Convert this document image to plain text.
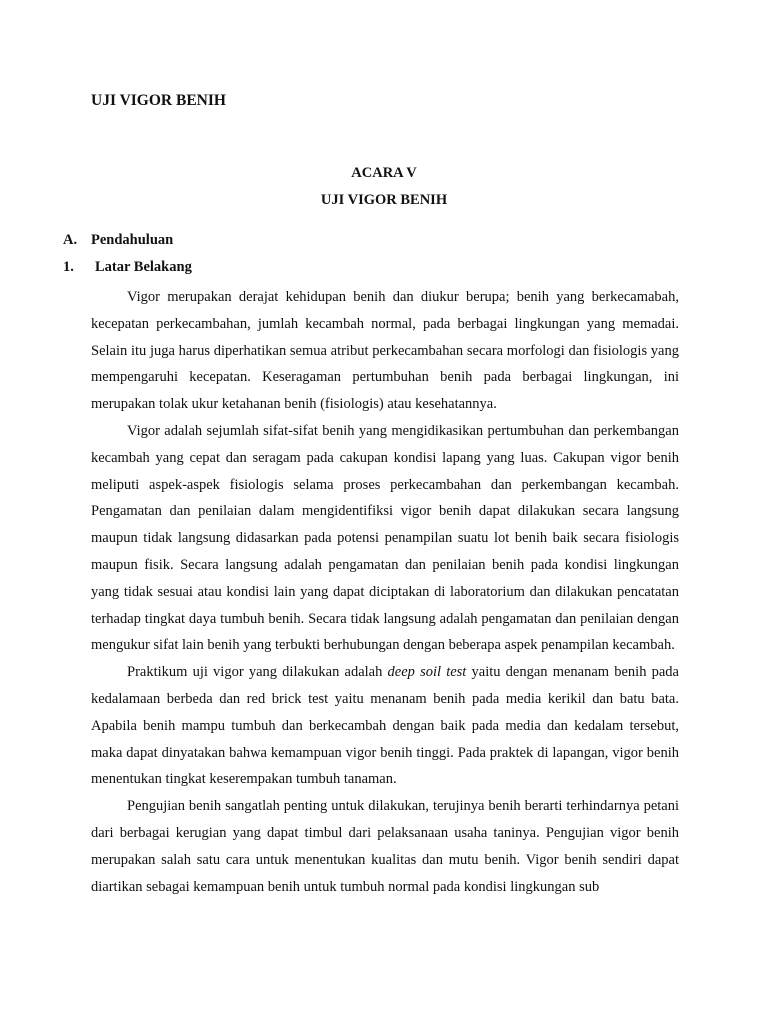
UJI VIGOR BENIH
ACARA V
UJI VIGOR BENIH
A. Pendahuluan
1. Latar Belakang

Vigor merupakan derajat kehidupan benih dan diukur berupa; benih yang berkecamabah, kecepatan perkecambahan, jumlah kecambah normal, pada berbagai lingkungan yang memadai. Selain itu juga harus diperhatikan semua atribut perkecambahan secara morfologi dan fisiologis yang mempengaruhi kecepatan. Keseragaman pertumbuhan benih pada berbagai lingkungan, ini merupakan tolak ukur ketahanan benih (fisiologis) atau kesehatannya.

Vigor adalah sejumlah sifat-sifat benih yang mengidikasikan pertumbuhan dan perkembangan kecambah yang cepat dan seragam pada cakupan kondisi lapang yang luas. Cakupan vigor benih meliputi aspek-aspek fisiologis selama proses perkecambahan dan perkembangan kecambah. Pengamatan dan penilaian dalam mengidentifiksi vigor benih dapat dilakukan secara langsung maupun tidak langsung didasarkan pada potensi penampilan suatu lot benih baik secara fisiologis maupun fisik. Secara langsung adalah pengamatan dan penilaian benih pada kondisi lingkungan yang tidak sesuai atau kondisi lain yang dapat diciptakan di laboratorium dan dilakukan pencatatan terhadap tingkat daya tumbuh benih. Secara tidak langsung adalah pengamatan dan penilaian dengan mengukur sifat lain benih yang terbukti berhubungan dengan beberapa aspek penampilan kecambah.

Praktikum uji vigor yang dilakukan adalah deep soil test yaitu dengan menanam benih pada kedalamaan berbeda dan red brick test yaitu menanam benih pada media kerikil dan batu bata. Apabila benih mampu tumbuh dan berkecambah dengan baik pada media dan kedalam tersebut, maka dapat dinyatakan bahwa kemampuan vigor benih tinggi. Pada praktek di lapangan, vigor benih menentukan tingkat keserempakan tumbuh tanaman.

Pengujian benih sangatlah penting untuk dilakukan, terujinya benih berarti terhindarnya petani dari berbagai kerugian yang dapat timbul dari pelaksanaan usaha taninya. Pengujian vigor benih merupakan salah satu cara untuk menentukan kualitas dan mutu benih. Vigor benih sendiri dapat diartikan sebagai kemampuan benih untuk tumbuh normal pada kondisi lingkungan sub
